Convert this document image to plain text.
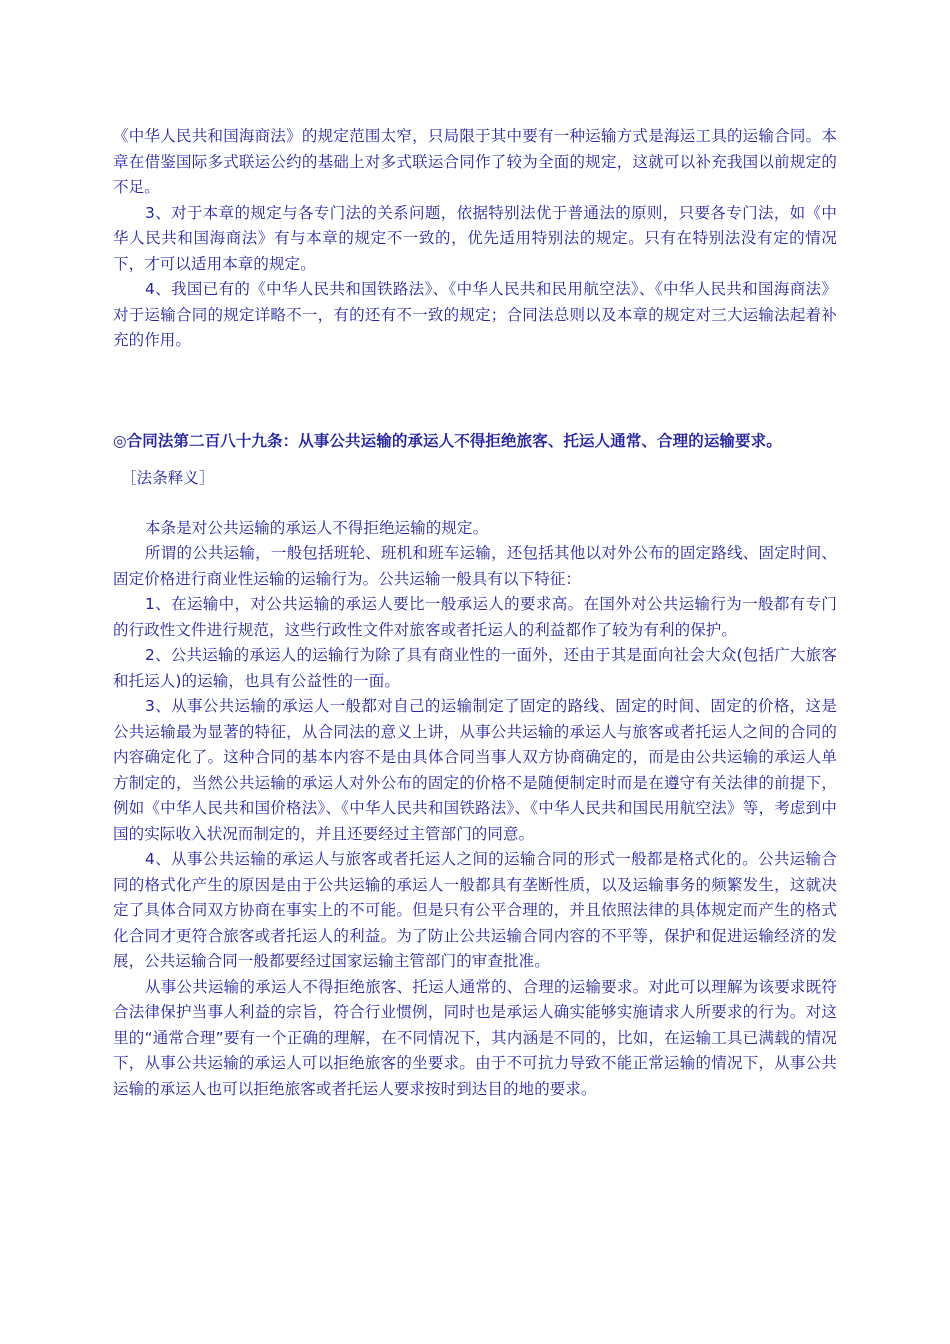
《中华人民共和国海商法》的规定范围太窄，只局限于其中要有一种运输方式是海运工具的运输合同。本章在借鉴国际多式联运公约的基础上对多式联运合同作了较为全面的规定，这就可以补充我国以前规定的不足。

3、对于本章的规定与各专门法的关系问题，依据特别法优于普通法的原则，只要各专门法，如《中华人民共和国海商法》有与本章的规定不一致的，优先适用特别法的规定。只有在特别法没有定的情况下，才可以适用本章的规定。

4、我国已有的《中华人民共和国铁路法》、《中华人民共和民用航空法》、《中华人民共和国海商法》对于运输合同的规定详略不一，有的还有不一致的规定；合同法总则以及本章的规定对三大运输法起着补充的作用。

◎合同法第二百八十九条：从事公共运输的承运人不得拒绝旅客、托运人通常、合理的运输要求。

［法条释义］

本条是对公共运输的承运人不得拒绝运输的规定。

所谓的公共运输，一般包括班轮、班机和班车运输，还包括其他以对外公布的固定路线、固定时间、固定价格进行商业性运输的运输行为。公共运输一般具有以下特征：

1、在运输中，对公共运输的承运人要比一般承运人的要求高。在国外对公共运输行为一般都有专门的行政性文件进行规范，这些行政性文件对旅客或者托运人的利益都作了较为有利的保护。

2、公共运输的承运人的运输行为除了具有商业性的一面外，还由于其是面向社会大众(包括广大旅客和托运人)的运输，也具有公益性的一面。

3、从事公共运输的承运人一般都对自己的运输制定了固定的路线、固定的时间、固定的价格，这是公共运输最为显著的特征，从合同法的意义上讲，从事公共运输的承运人与旅客或者托运人之间的合同的内容确定化了。这种合同的基本内容不是由具体合同当事人双方协商确定的，而是由公共运输的承运人单方制定的，当然公共运输的承运人对外公布的固定的价格不是随便制定时而是在遵守有关法律的前提下，例如《中华人民共和国价格法》、《中华人民共和国铁路法》、《中华人民共和国民用航空法》等，考虑到中国的实际收入状况而制定的，并且还要经过主管部门的同意。

4、从事公共运输的承运人与旅客或者托运人之间的运输合同的形式一般都是格式化的。公共运输合同的格式化产生的原因是由于公共运输的承运人一般都具有垄断性质，以及运输事务的频繁发生，这就决定了具体合同双方协商在事实上的不可能。但是只有公平合理的，并且依照法律的具体规定而产生的格式化合同才更符合旅客或者托运人的利益。为了防止公共运输合同内容的不平等，保护和促进运输经济的发展，公共运输合同一般都要经过国家运输主管部门的审查批准。

从事公共运输的承运人不得拒绝旅客、托运人通常的、合理的运输要求。对此可以理解为该要求既符合法律保护当事人利益的宗旨，符合行业惯例，同时也是承运人确实能够实施请求人所要求的行为。对这里的“通常合理”要有一个正确的理解，在不同情况下，其内涵是不同的，比如，在运输工具已满载的情况下，从事公共运输的承运人可以拒绝旅客的坐要求。由于不可抗力导致不能正常运输的情况下，从事公共运输的承运人也可以拒绝旅客或者托运人要求按时到达目的地的要求。
